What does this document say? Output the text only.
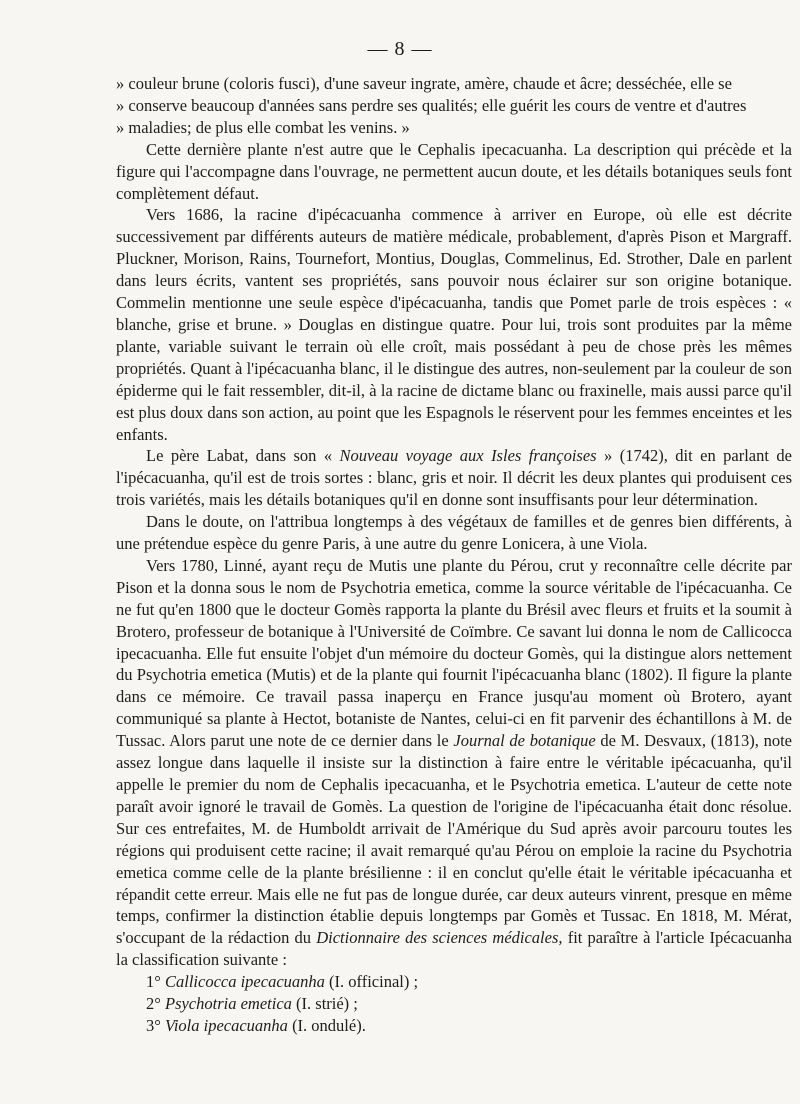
— 8 —
» couleur brune (coloris fusci), d'une saveur ingrate, amère, chaude et âcre; desséchée, elle se
» conserve beaucoup d'années sans perdre ses qualités; elle guérit les cours de ventre et d'autres
» maladies; de plus elle combat les venins. »

Cette dernière plante n'est autre que le Cephalis ipecacuanha. La description qui précède et la figure qui l'accompagne dans l'ouvrage, ne permettent aucun doute, et les détails botaniques seuls font complètement défaut.

Vers 1686, la racine d'ipécacuanha commence à arriver en Europe, où elle est décrite successivement par différents auteurs de matière médicale, probablement, d'après Pison et Margraff. Pluckner, Morison, Rains, Tournefort, Montius, Douglas, Commelinus, Ed. Strother, Dale en parlent dans leurs écrits, vantent ses propriétés, sans pouvoir nous éclairer sur son origine botanique. Commelin mentionne une seule espèce d'ipécacuanha, tandis que Pomet parle de trois espèces : « blanche, grise et brune. » Douglas en distingue quatre. Pour lui, trois sont produites par la même plante, variable suivant le terrain où elle croît, mais possédant à peu de chose près les mêmes propriétés. Quant à l'ipécacuanha blanc, il le distingue des autres, non-seulement par la couleur de son épiderme qui le fait ressembler, dit-il, à la racine de dictame blanc ou fraxinelle, mais aussi parce qu'il est plus doux dans son action, au point que les Espagnols le réservent pour les femmes enceintes et les enfants.

Le père Labat, dans son « Nouveau voyage aux Isles françoises » (1742), dit en parlant de l'ipécacuanha, qu'il est de trois sortes : blanc, gris et noir. Il décrit les deux plantes qui produisent ces trois variétés, mais les détails botaniques qu'il en donne sont insuffisants pour leur détermination.

Dans le doute, on l'attribua longtemps à des végétaux de familles et de genres bien différents, à une prétendue espèce du genre Paris, à une autre du genre Lonicera, à une Viola.

Vers 1780, Linné, ayant reçu de Mutis une plante du Pérou, crut y reconnaître celle décrite par Pison et la donna sous le nom de Psychotria emetica, comme la source véritable de l'ipécacuanha. Ce ne fut qu'en 1800 que le docteur Gomès rapporta la plante du Brésil avec fleurs et fruits et la soumit à Brotero, professeur de botanique à l'Université de Coïmbre. Ce savant lui donna le nom de Callicocca ipecacuanha. Elle fut ensuite l'objet d'un mémoire du docteur Gomès, qui la distingue alors nettement du Psychotria emetica (Mutis) et de la plante qui fournit l'ipécacuanha blanc (1802). Il figure la plante dans ce mémoire. Ce travail passa inaperçu en France jusqu'au moment où Brotero, ayant communiqué sa plante à Hectot, botaniste de Nantes, celui-ci en fit parvenir des échantillons à M. de Tussac. Alors parut une note de ce dernier dans le Journal de botanique de M. Desvaux, (1813), note assez longue dans laquelle il insiste sur la distinction à faire entre le véritable ipécacuanha, qu'il appelle le premier du nom de Cephalis ipecacuanha, et le Psychotria emetica. L'auteur de cette note paraît avoir ignoré le travail de Gomès. La question de l'origine de l'ipécacuanha était donc résolue. Sur ces entrefaites, M. de Humboldt arrivait de l'Amérique du Sud après avoir parcouru toutes les régions qui produisent cette racine; il avait remarqué qu'au Pérou on emploie la racine du Psychotria emetica comme celle de la plante brésilienne : il en conclut qu'elle était le véritable ipécacuanha et répandit cette erreur. Mais elle ne fut pas de longue durée, car deux auteurs vinrent, presque en même temps, confirmer la distinction établie depuis longtemps par Gomès et Tussac. En 1818, M. Mérat, s'occupant de la rédaction du Dictionnaire des sciences médicales, fit paraître à l'article Ipécacuanha la classification suivante :

1° Callicocca ipecacuanha (I. officinal) ;
2° Psychotria emetica (I. strié) ;
3° Viola ipecacuanha (I. ondulé).
